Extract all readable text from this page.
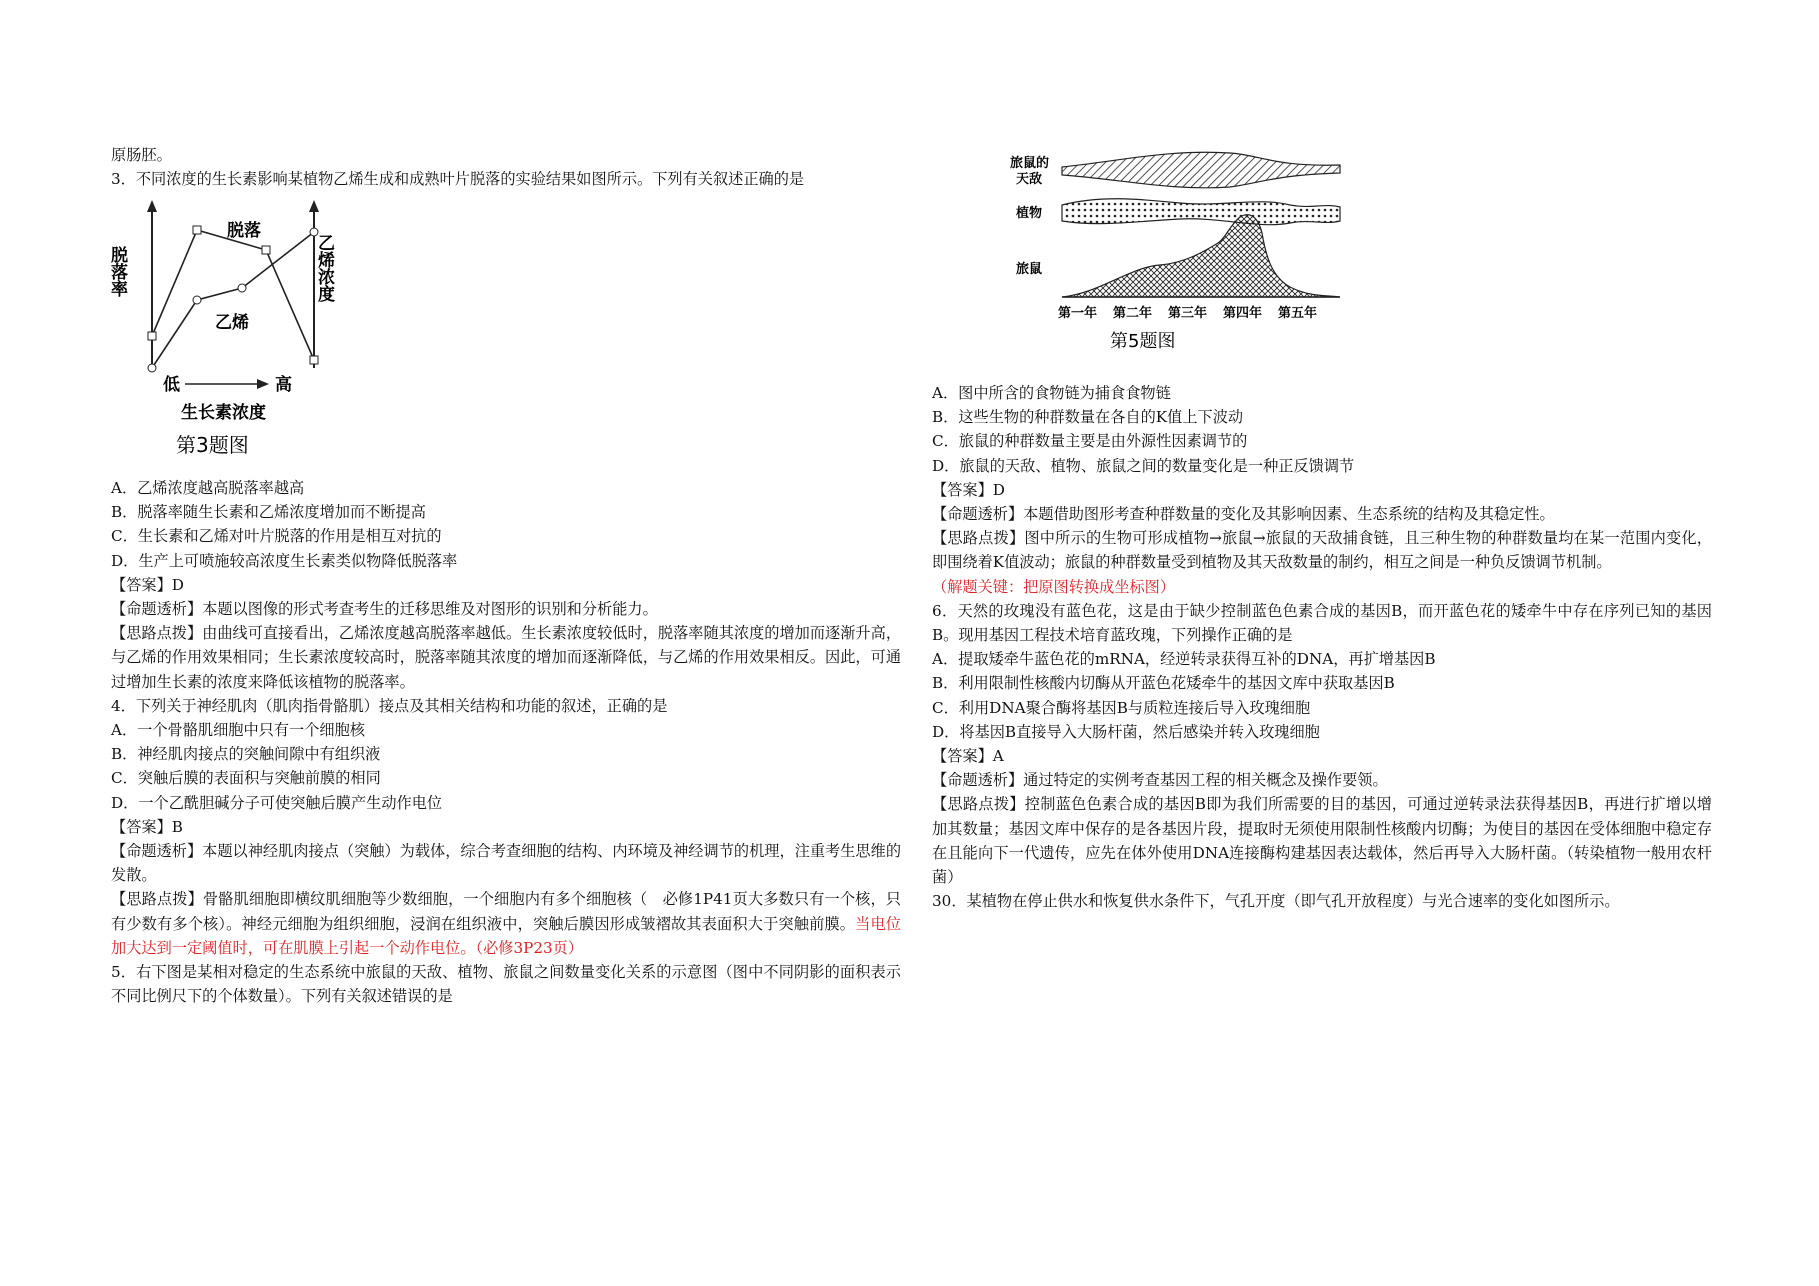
原肠胚。

3．不同浓度的生长素影响某植物乙烯生成和成熟叶片脱落的实验结果如图所示。下列有关叙述正确的是

脱落率	乙烯浓度
脱落
乙烯
低	高
生长素浓度
第3题图

A．乙烯浓度越高脱落率越高

B．脱落率随生长素和乙烯浓度增加而不断提高

C．生长素和乙烯对叶片脱落的作用是相互对抗的

D．生产上可喷施较高浓度生长素类似物降低脱落率

【答案】D

【命题透析】本题以图像的形式考查考生的迁移思维及对图形的识别和分析能力。

【思路点拨】由曲线可直接看出，乙烯浓度越高脱落率越低。生长素浓度较低时，脱落率随其浓度的增加而逐渐升高，与乙烯的作用效果相同；生长素浓度较高时，脱落率随其浓度的增加而逐渐降低，与乙烯的作用效果相反。因此，可通过增加生长素的浓度来降低该植物的脱落率。

4．下列关于神经肌肉（肌肉指骨骼肌）接点及其相关结构和功能的叙述，正确的是

A．一个骨骼肌细胞中只有一个细胞核

B．神经肌肉接点的突触间隙中有组织液

C．突触后膜的表面积与突触前膜的相同

D．一个乙酰胆碱分子可使突触后膜产生动作电位

【答案】B

【命题透析】本题以神经肌肉接点（突触）为载体，综合考查细胞的结构、内环境及神经调节的机理，注重考生思维的发散。

【思路点拨】骨骼肌细胞即横纹肌细胞等少数细胞，一个细胞内有多个细胞核（　必修1P41页大多数只有一个核，只有少数有多个核）。神经元细胞为组织细胞，浸润在组织液中，突触后膜因形成皱褶故其表面积大于突触前膜。当电位加大达到一定阈值时，可在肌膜上引起一个动作电位。（必修3P23页）

5．右下图是某相对稳定的生态系统中旅鼠的天敌、植物、旅鼠之间数量变化关系的示意图（图中不同阴影的面积表示不同比例尺下的个体数量）。下列有关叙述错误的是

旅鼠的
天敌
植物
旅鼠
第一年 第二年 第三年 第四年 第五年
第5题图

A．图中所含的食物链为捕食食物链

B．这些生物的种群数量在各自的K值上下波动

C．旅鼠的种群数量主要是由外源性因素调节的

D．旅鼠的天敌、植物、旅鼠之间的数量变化是一种正反馈调节

【答案】D

【命题透析】本题借助图形考查种群数量的变化及其影响因素、生态系统的结构及其稳定性。

【思路点拨】图中所示的生物可形成植物→旅鼠→旅鼠的天敌捕食链，且三种生物的种群数量均在某一范围内变化，即围绕着K值波动；旅鼠的种群数量受到植物及其天敌数量的制约，相互之间是一种负反馈调节机制。

（解题关键：把原图转换成坐标图）

6．天然的玫瑰没有蓝色花，这是由于缺少控制蓝色色素合成的基因B，而开蓝色花的矮牵牛中存在序列已知的基因B。现用基因工程技术培育蓝玫瑰，下列操作正确的是

A．提取矮牵牛蓝色花的mRNA，经逆转录获得互补的DNA，再扩增基因B

B．利用限制性核酸内切酶从开蓝色花矮牵牛的基因文库中获取基因B

C．利用DNA聚合酶将基因B与质粒连接后导入玫瑰细胞

D．将基因B直接导入大肠杆菌，然后感染并转入玫瑰细胞

【答案】A

【命题透析】通过特定的实例考查基因工程的相关概念及操作要领。

【思路点拨】控制蓝色色素合成的基因B即为我们所需要的目的基因，可通过逆转录法获得基因B，再进行扩增以增加其数量；基因文库中保存的是各基因片段，提取时无须使用限制性核酸内切酶；为使目的基因在受体细胞中稳定存在且能向下一代遗传，应先在体外使用DNA连接酶构建基因表达载体，然后再导入大肠杆菌。（转染植物一般用农杆菌）

30．某植物在停止供水和恢复供水条件下，气孔开度（即气孔开放程度）与光合速率的变化如图所示。
